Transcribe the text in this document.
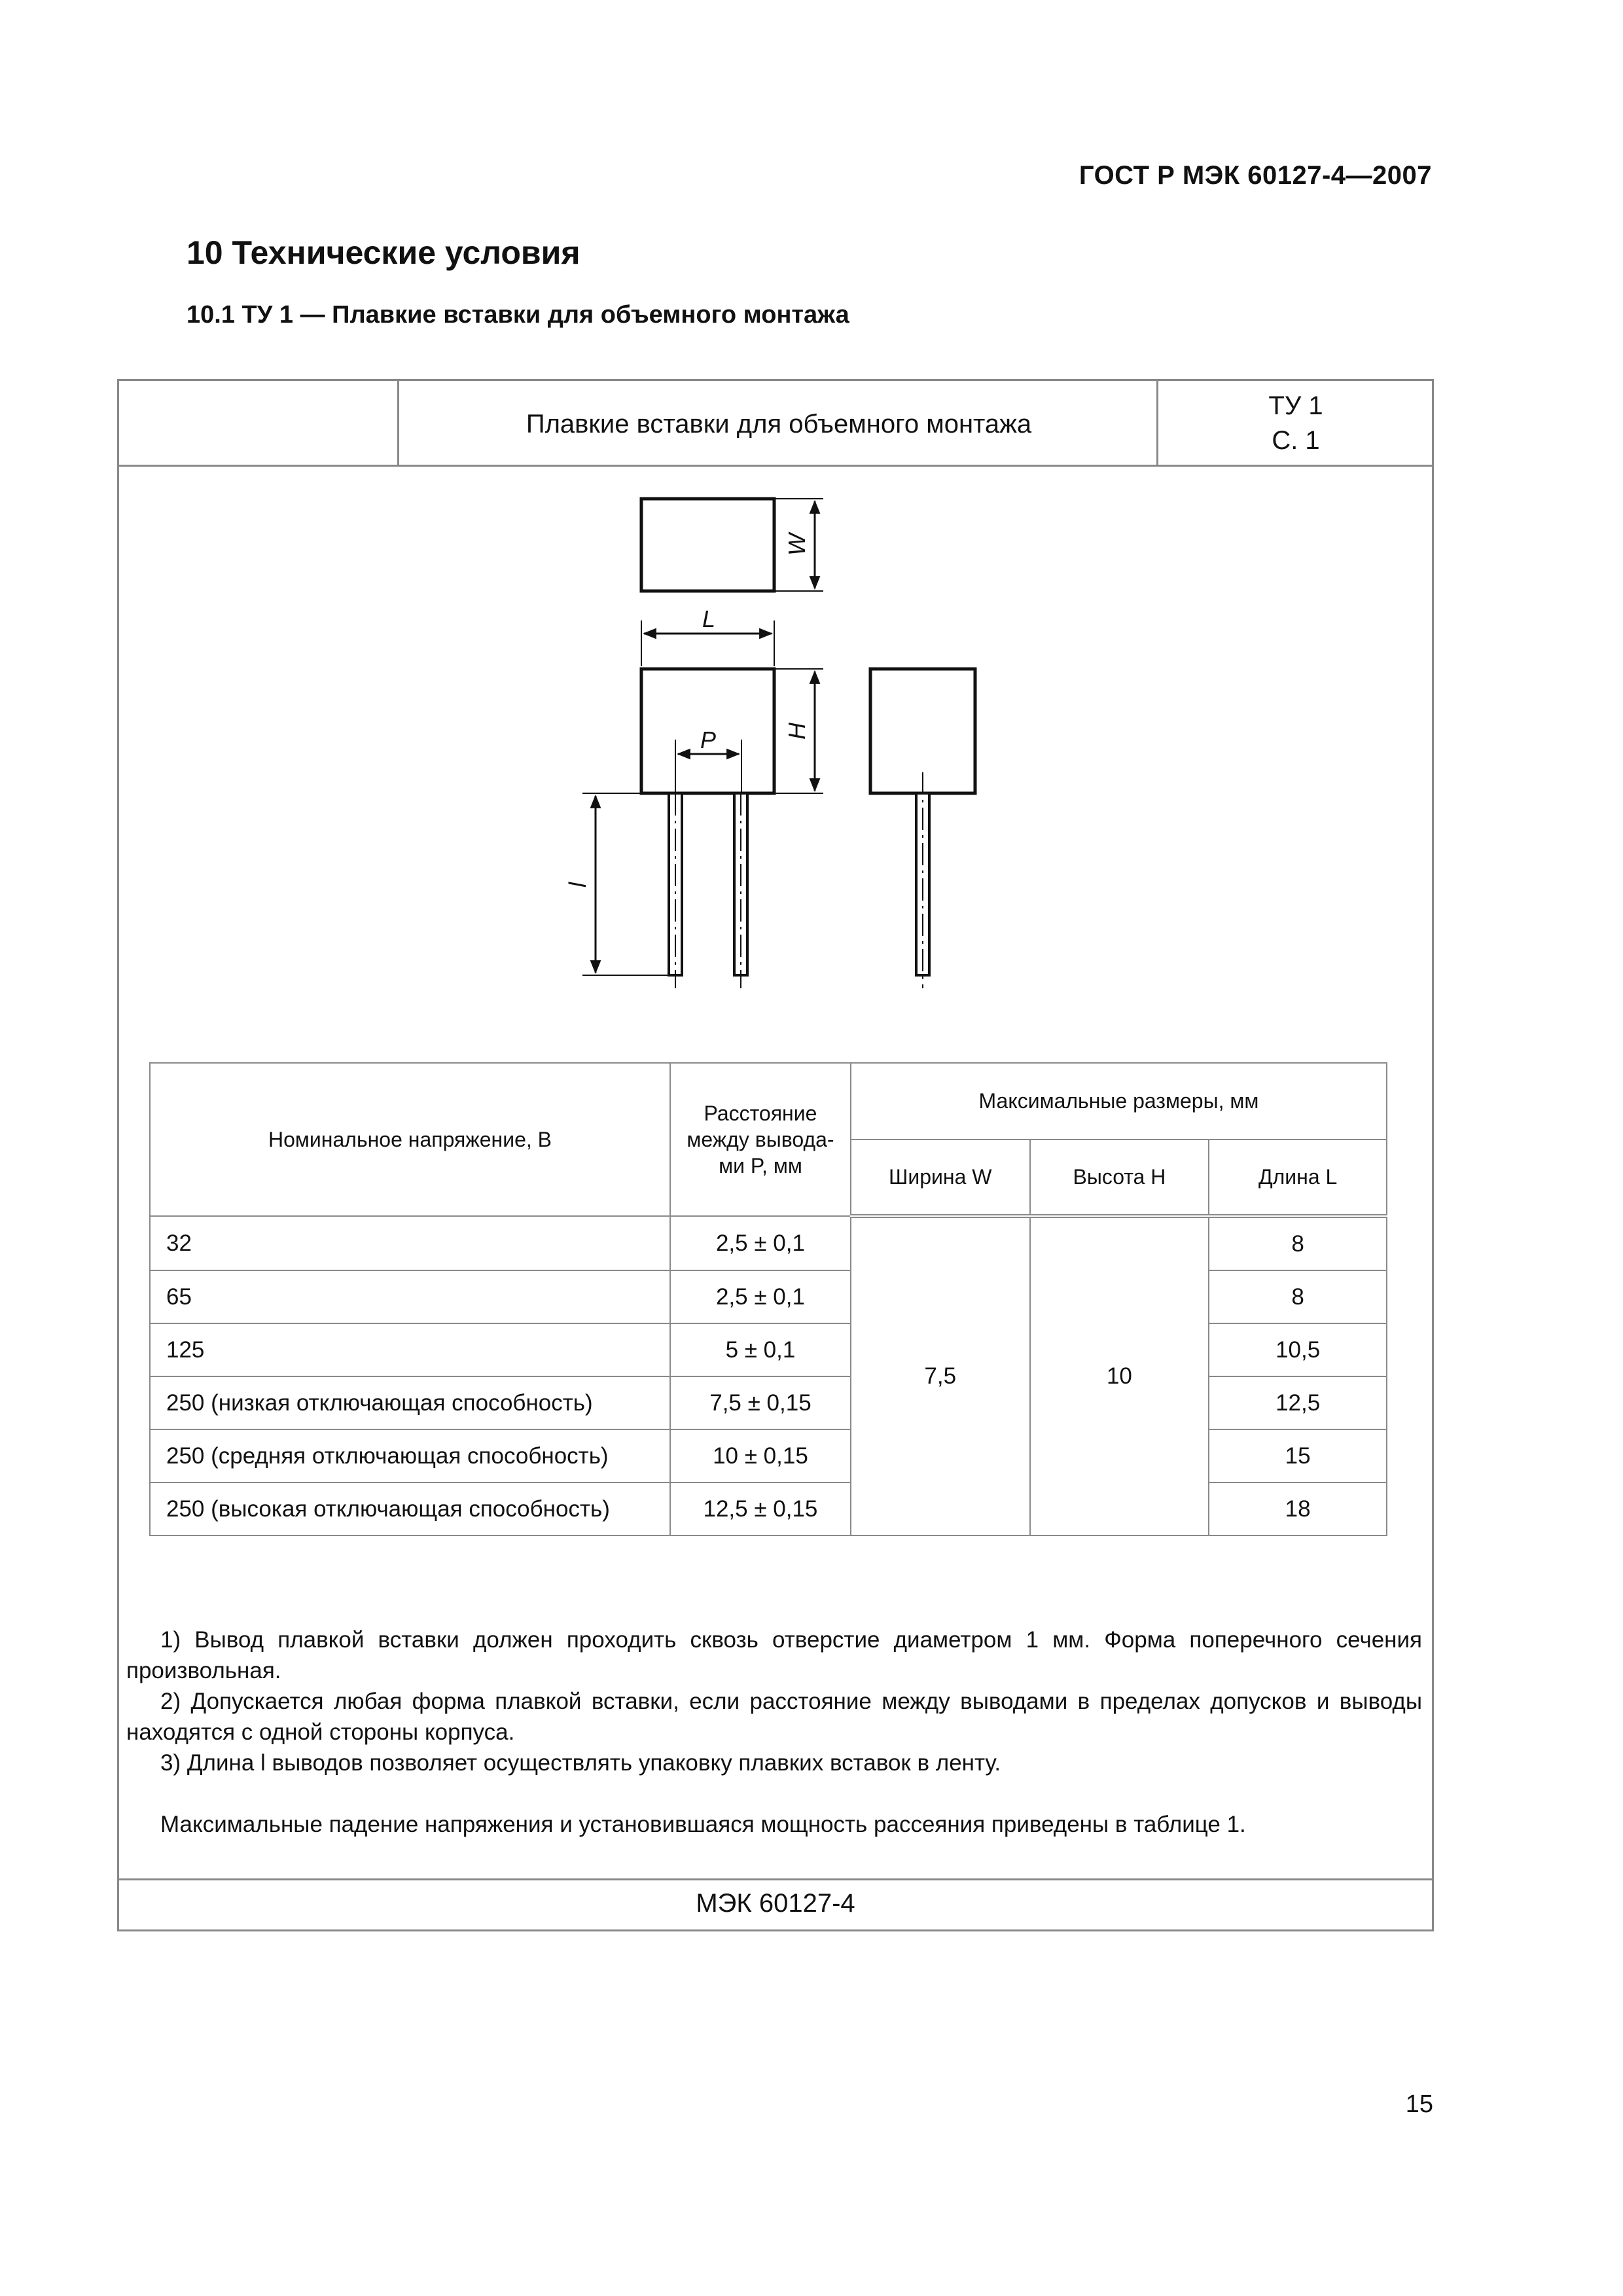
ГОСТ Р МЭК 60127-4—2007
10 Технические условия
10.1 ТУ 1 — Плавкие вставки для объемного монтажа
Плавкие вставки для объемного монтажа
ТУ 1
С. 1
W
L
H
P
l
Номинальное напряжение, В	Расстояние между вывода-ми P, мм	Максимальные размеры, мм		
		Ширина W	Высота H	Длина L
32	2,5 ± 0,1	7,5	10	8
65	2,5 ± 0,1			8
125	5 ± 0,1			10,5
250 (низкая отключающая способность)	7,5 ± 0,15			12,5
250 (средняя отключающая способность)	10 ± 0,15			15
250 (высокая отключающая способность)	12,5 ± 0,15			18
1) Вывод плавкой вставки должен проходить сквозь отверстие диаметром 1 мм. Форма поперечного сечения произвольная.
2) Допускается любая форма плавкой вставки, если расстояние между выводами в пределах допусков и выводы находятся с одной стороны корпуса.
3) Длина l выводов позволяет осуществлять упаковку плавких вставок в ленту.
Максимальные падение напряжения и установившаяся мощность рассеяния приведены в таблице 1.
МЭК 60127-4
15
